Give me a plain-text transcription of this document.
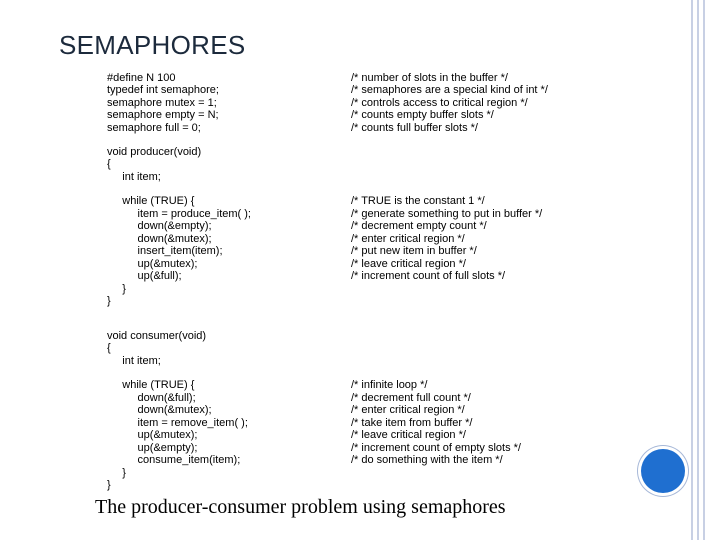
SEMAPHORES
#define N 100	/* number of slots in the buffer */
typedef int semaphore;	/* semaphores are a special kind of int */
semaphore mutex = 1;	/* controls access to critical region */
semaphore empty = N;	/* counts empty buffer slots */
semaphore full = 0;	/* counts full buffer slots */
void producer(void)
{
int item;
while (TRUE) {	/* TRUE is the constant 1 */
item = produce_item( );	/* generate something to put in buffer */
down(&empty);	/* decrement empty count */
down(&mutex);	/* enter critical region */
insert_item(item);	/* put new item in buffer */
up(&mutex);	/* leave critical region */
up(&full);	/* increment count of full slots */
}
}
void consumer(void)
{
int item;
while (TRUE) {	/* infinite loop */
down(&full);	/* decrement full count */
down(&mutex);	/* enter critical region */
item = remove_item( );	/* take item from buffer */
up(&mutex);	/* leave critical region */
up(&empty);	/* increment count of empty slots */
consume_item(item);	/* do something with the item */
}
}
The producer-consumer problem using semaphores
